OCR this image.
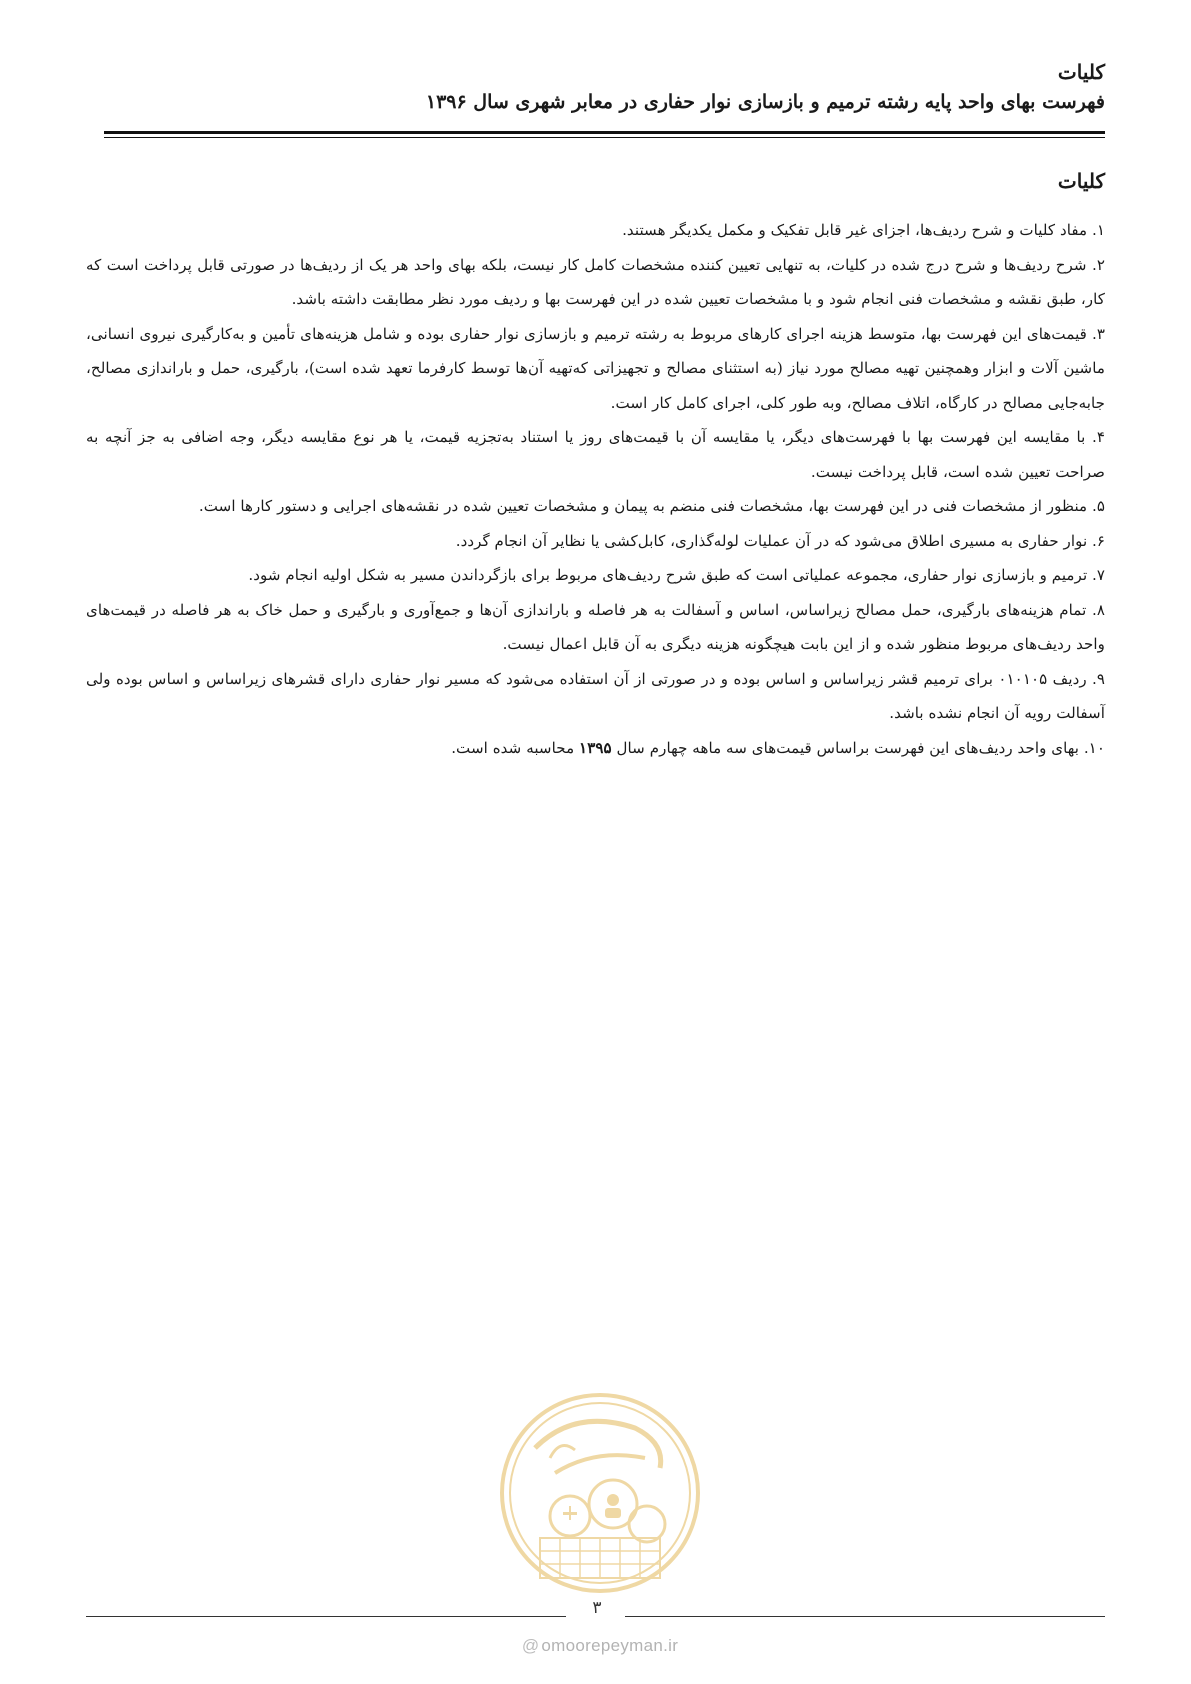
کلیات

فهرست بهای واحد پایه رشته ترمیم و بازسازی نوار حفاری در معابر شهری سال ۱۳۹۶

کلیات

۱. مفاد کلیات و شرح ردیف‌ها، اجزای غیر قابل تفکیک و مکمل یکدیگر هستند.

۲. شرح ردیف‌ها و شرح درج شده در کلیات، به تنهایی تعیین کننده مشخصات کامل کار نیست، بلکه بهای واحد هر یک از ردیف‌ها در صورتی قابل پرداخت است که کار، طبق نقشه و مشخصات فنی انجام شود و با مشخصات تعیین شده در این فهرست بها و ردیف مورد نظر مطابقت داشته باشد.

۳. قیمت‌های این فهرست بها، متوسط هزینه اجرای کارهای مربوط به رشته ترمیم و بازسازی نوار حفاری بوده و شامل هزینه‌های تأمین و به‌کارگیری نیروی انسانی، ماشین آلات و ابزار وهمچنین تهیه مصالح مورد نیاز (به استثنای مصالح و تجهیزاتی که‌تهیه آن‌ها توسط کارفرما تعهد شده است)، بارگیری، حمل و باراندازی مصالح، جابه‌جایی مصالح در کارگاه، اتلاف مصالح، وبه طور کلی، اجرای کامل کار است.

۴. با مقایسه این فهرست بها با فهرست‌های دیگر، یا مقایسه آن با قیمت‌های روز یا استناد به‌تجزیه قیمت، یا هر نوع مقایسه دیگر، وجه اضافی به جز آنچه به صراحت تعیین شده است، قابل پرداخت نیست.

۵. منظور از مشخصات فنی در این فهرست بها، مشخصات فنی منضم به پیمان و مشخصات تعیین شده در نقشه‌های اجرایی و دستور کارها است.

۶. نوار حفاری به مسیری اطلاق می‌شود که در آن عملیات لوله‌گذاری، کابل‌کشی یا نظایر آن انجام گردد.

۷. ترمیم و بازسازی نوار حفاری، مجموعه عملیاتی است که طبق شرح ردیف‌های مربوط برای بازگرداندن مسیر به شکل اولیه انجام شود.

۸. تمام هزینه‌های بارگیری، حمل مصالح زیراساس، اساس و آسفالت به هر فاصله و باراندازی آن‌ها و جمع‌آوری و بارگیری و حمل خاک به هر فاصله در قیمت‌های واحد ردیف‌های مربوط منظور شده و از این بابت هیچگونه هزینه دیگری به آن قابل اعمال نیست.

۹. ردیف ۰۱۰۱۰۵ برای ترمیم قشر زیراساس و اساس بوده و در صورتی از آن استفاده می‌شود که مسیر نوار حفاری دارای قشرهای زیراساس و اساس بوده ولی آسفالت رویه آن انجام نشده باشد.

۱۰. بهای واحد ردیف‌های این فهرست براساس قیمت‌های سه ماهه چهارم سال ۱۳۹۵ محاسبه شده است.

۳
@ omoorepeyman.ir
